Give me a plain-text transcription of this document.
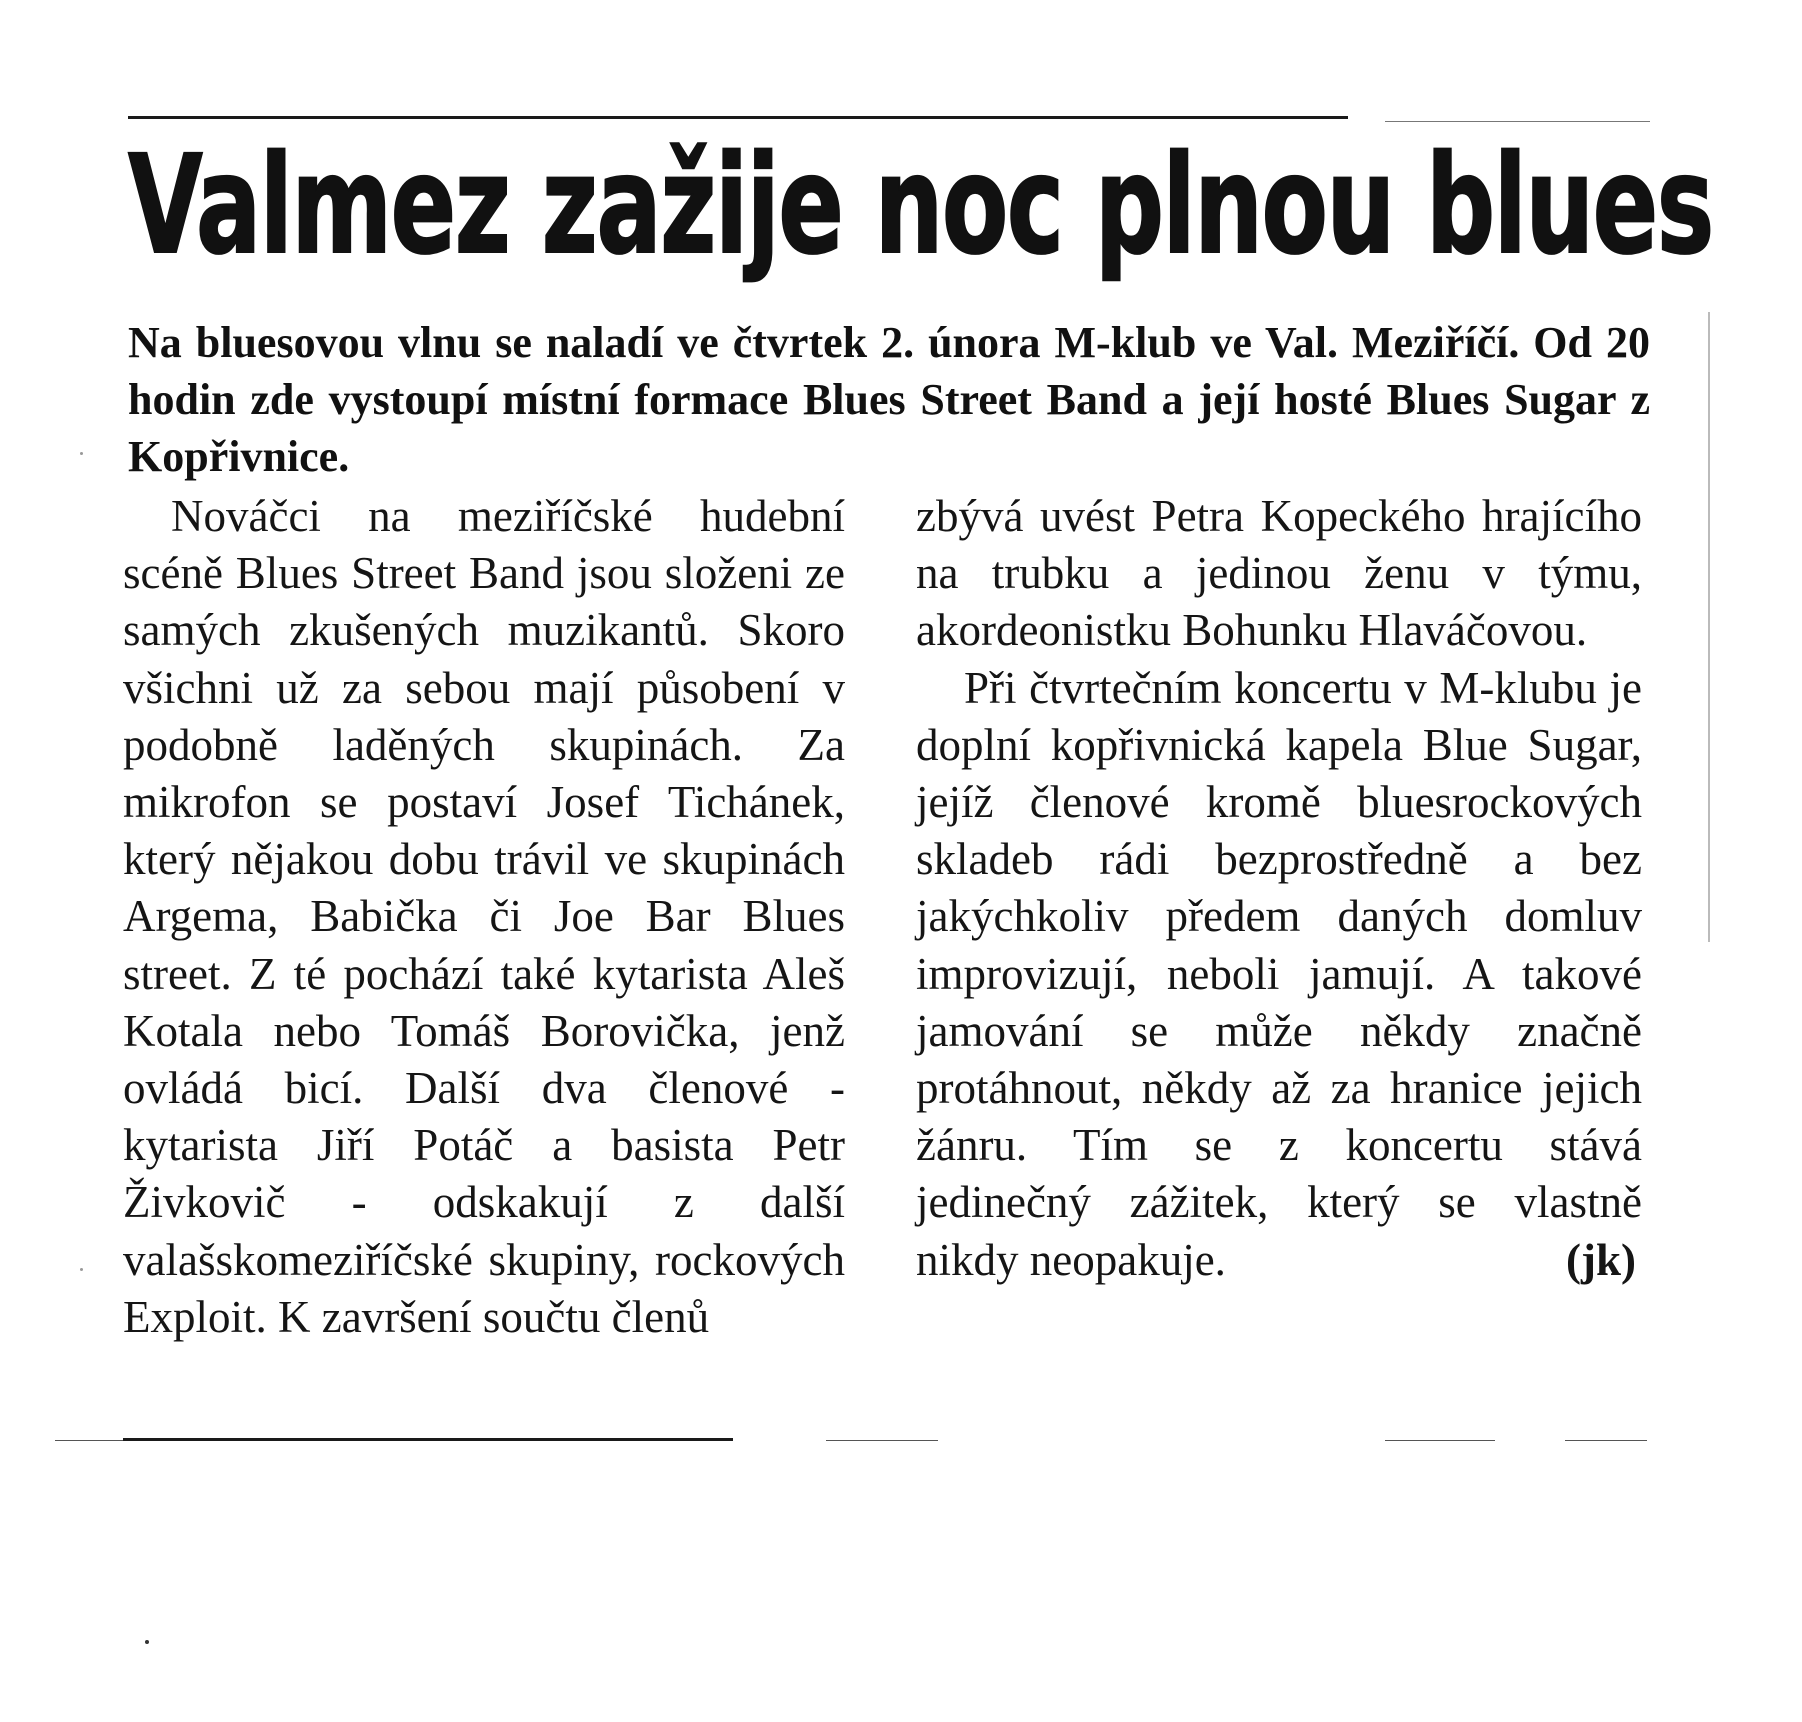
Valmez zažije noc plnou blues

Na bluesovou vlnu se naladí ve čtvrtek 2. února M-klub ve Val. Meziříčí. Od 20 hodin zde vystoupí místní formace Blues Street Band a její hosté Blues Sugar z Kopřivnice.

Nováčci na meziříčské hudební scéně Blues Street Band jsou složeni ze samých zkušených muzikantů. Skoro všichni už za sebou mají působení v podobně laděných skupinách. Za mikrofon se postaví Josef Tichánek, který nějakou dobu trávil ve skupinách Argema, Babička či Joe Bar Blues street. Z té pochází také kytarista Aleš Kotala nebo Tomáš Borovička, jenž ovládá bicí. Další dva členové - kytarista Jiří Potáč a basista Petr Živkovič - odskakují z další valašskomeziříčské skupiny, rockových Exploit. K završení součtu členů

zbývá uvést Petra Kopeckého hrajícího na trubku a jedinou ženu v týmu, akordeonistku Bohunku Hlaváčovou.

Při čtvrtečním koncertu v M-klubu je doplní kopřivnická kapela Blue Sugar, jejíž členové kromě bluesrockových skladeb rádi bezprostředně a bez jakýchkoliv předem daných domluv improvizují, neboli jamují. A takové jamování se může někdy značně protáhnout, někdy až za hranice jejich žánru. Tím se z koncertu stává jedinečný zážitek, který se vlastně nikdy neopakuje.	(jk)
